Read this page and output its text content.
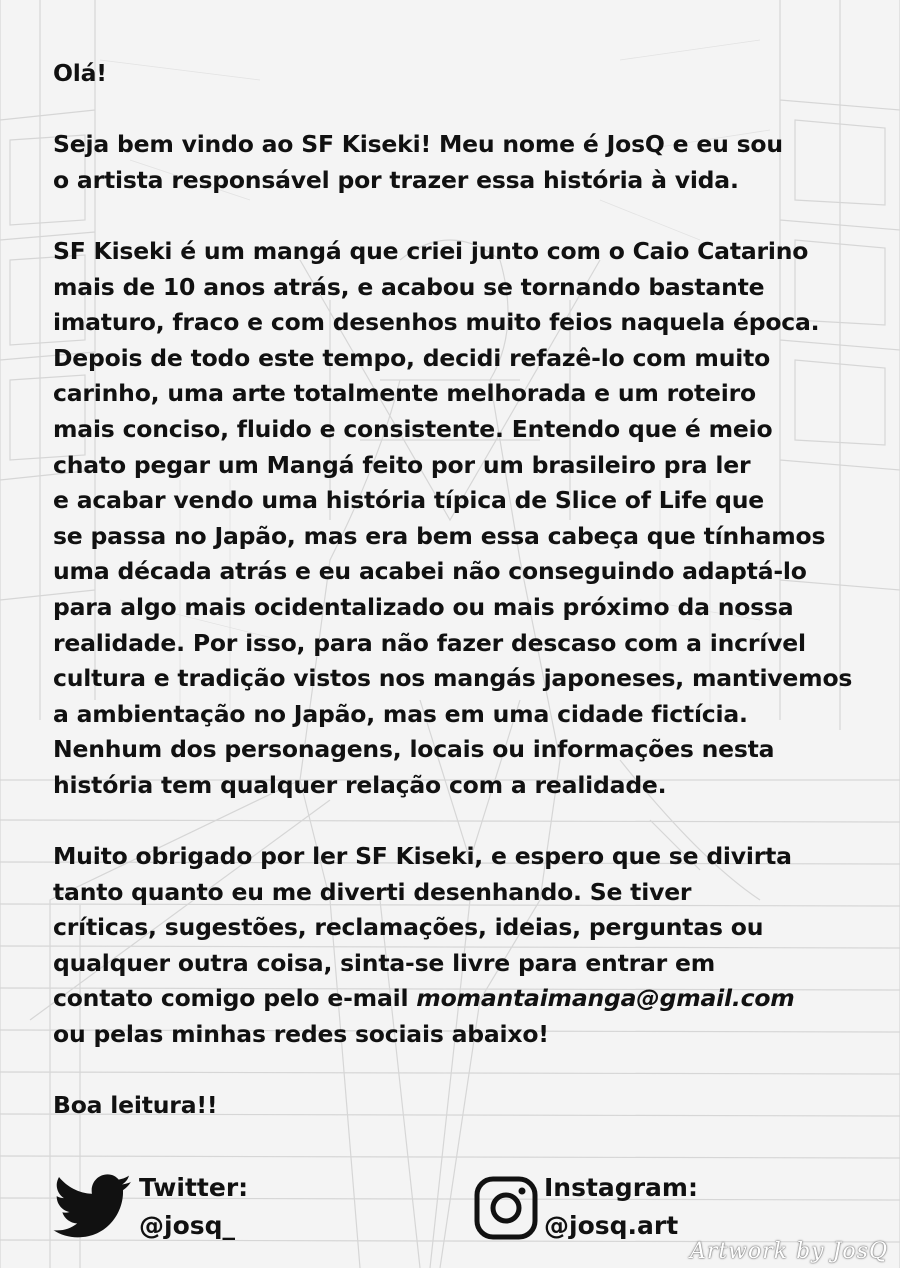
Olá!
Seja bem vindo ao SF Kiseki! Meu nome é JosQ e eu sou
o artista responsável por trazer essa história à vida.
SF Kiseki é um mangá que criei junto com o Caio Catarino
mais de 10 anos atrás, e acabou se tornando bastante
imaturo, fraco e com desenhos muito feios naquela época.
Depois de todo este tempo, decidi refazê-lo com muito
carinho, uma arte totalmente melhorada e um roteiro
mais conciso, fluido e consistente. Entendo que é meio
chato pegar um Mangá feito por um brasileiro pra ler
e acabar vendo uma história típica de Slice of Life que
se passa no Japão, mas era bem essa cabeça que tínhamos
uma década atrás e eu acabei não conseguindo adaptá-lo
para algo mais ocidentalizado ou mais próximo da nossa
realidade. Por isso, para não fazer descaso com a incrível
cultura e tradição vistos nos mangás japoneses, mantivemos
a ambientação no Japão, mas em uma cidade fictícia.
Nenhum dos personagens, locais ou informações nesta
história tem qualquer relação com a realidade.
Muito obrigado por ler SF Kiseki, e espero que se divirta
tanto quanto eu me diverti desenhando. Se tiver
críticas, sugestões, reclamações, ideias, perguntas ou
qualquer outra coisa, sinta-se livre para entrar em
contato comigo pelo e-mail momantaimanga@gmail.com
ou pelas minhas redes sociais abaixo!
Boa leitura!!
Twitter:
@josq_
Instagram:
@josq.art
Artwork by JosQ
